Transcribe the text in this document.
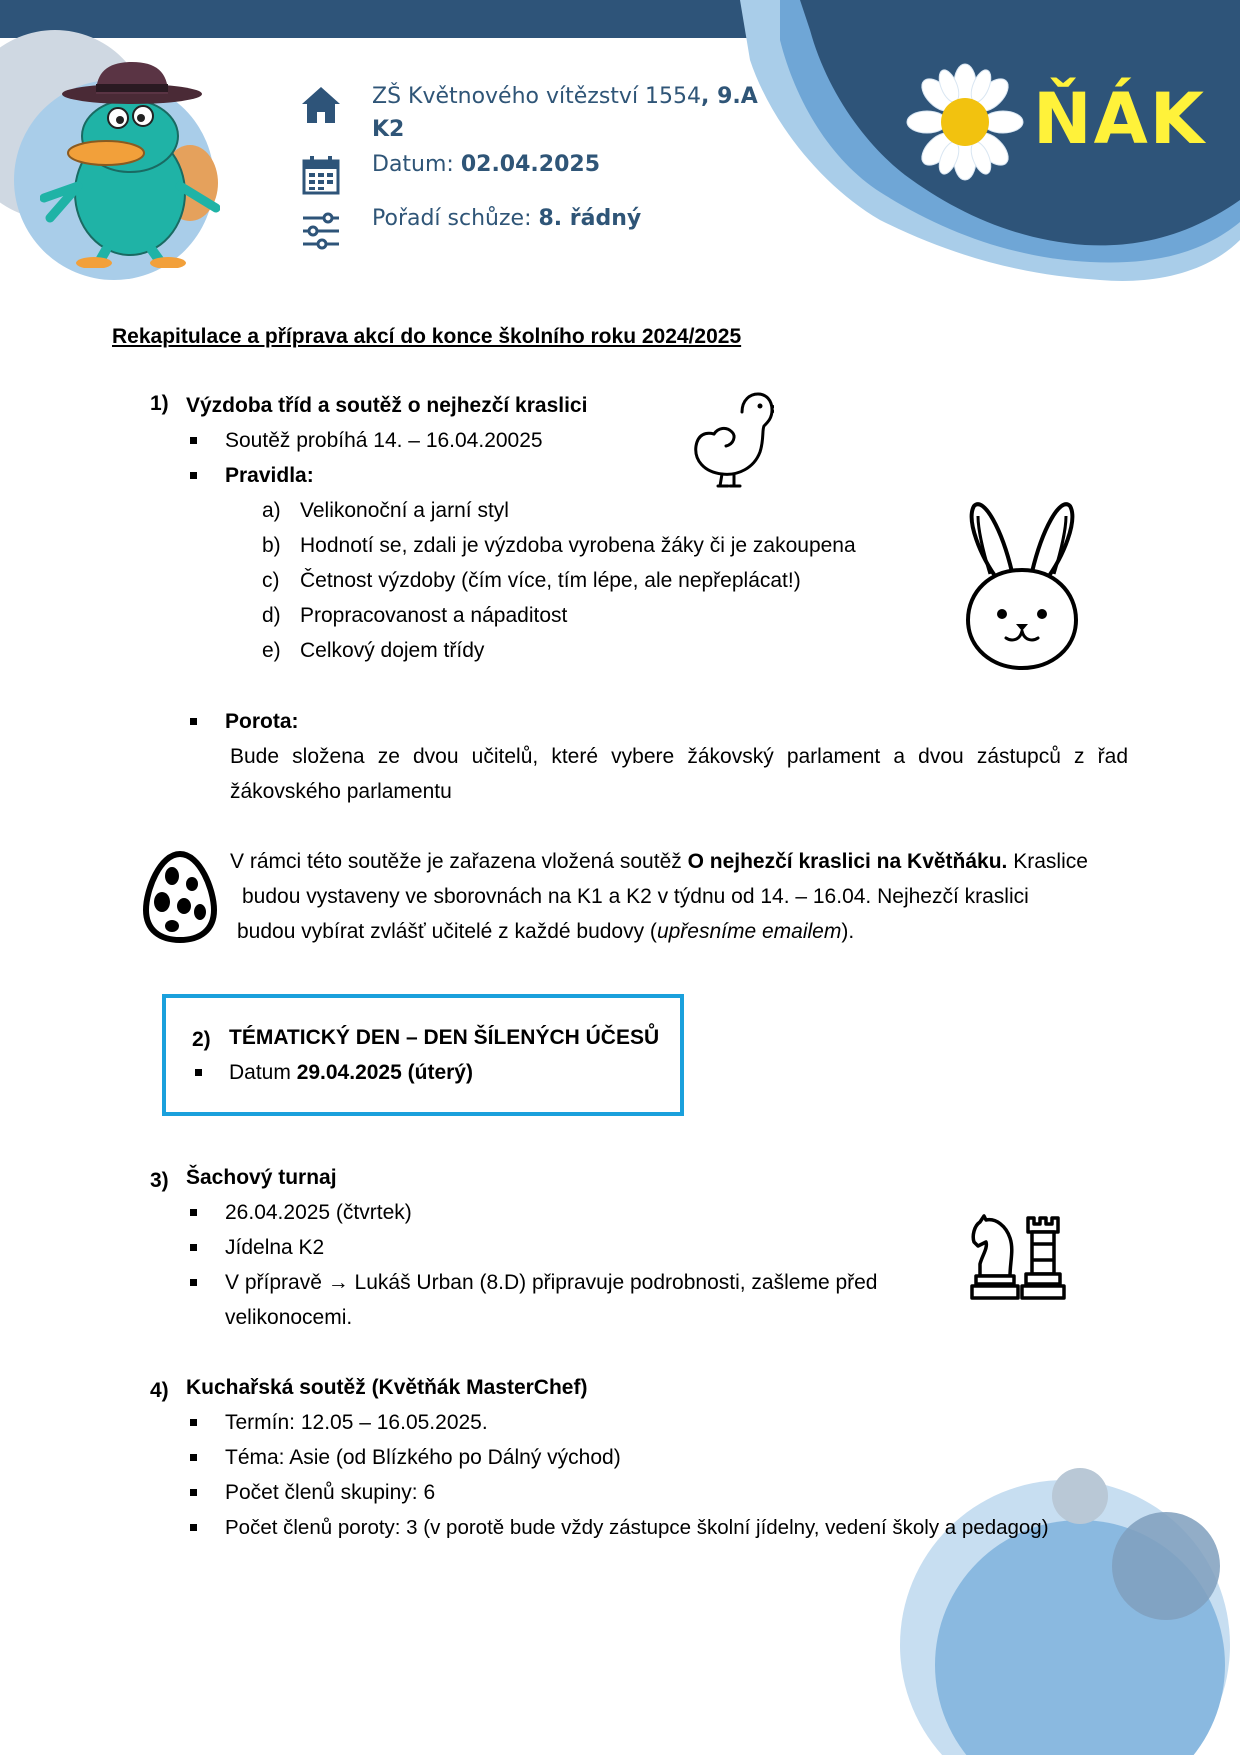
ZŠ Květnového vítězství 1554, 9.A
K2
Datum: 02.04.2025
Pořadí schůze: 8. řádný
ŇÁK
Rekapitulace a příprava akcí do konce školního roku 2024/2025
1) Výzdoba tříd a soutěž o nejhezčí kraslici
Soutěž probíhá 14. – 16.04.20025
Pravidla:
a) Velikonoční a jarní styl
b) Hodnotí se, zdali je výzdoba vyrobena žáky či je zakoupena
c) Četnost výzdoby (čím více, tím lépe, ale nepřeplácat!)
d) Propracovanost a nápaditost
e) Celkový dojem třídy
Porota:
Bude složena ze dvou učitelů, které vybere žákovský parlament a dvou zástupců z řad žákovského parlamentu
V rámci této soutěže je zařazena vložená soutěž O nejhezčí kraslici na Květňáku. Kraslice
budou vystaveny ve sborovnách na K1 a K2 v týdnu od 14. – 16.04. Nejhezčí kraslici
budou vybírat zvlášť učitelé z každé budovy (upřesníme emailem).
2) TÉMATICKÝ DEN – DEN ŠÍLENÝCH ÚČESŮ
Datum 29.04.2025 (úterý)
3) Šachový turnaj
26.04.2025 (čtvrtek)
Jídelna K2
V přípravě → Lukáš Urban (8.D) připravuje podrobnosti, zašleme před
velikonocemi.
4) Kuchařská soutěž (Květňák MasterChef)
Termín: 12.05 – 16.05.2025.
Téma: Asie (od Blízkého po Dálný východ)
Počet členů skupiny: 6
Počet členů poroty: 3 (v porotě bude vždy zástupce školní jídelny, vedení školy a pedagog)
